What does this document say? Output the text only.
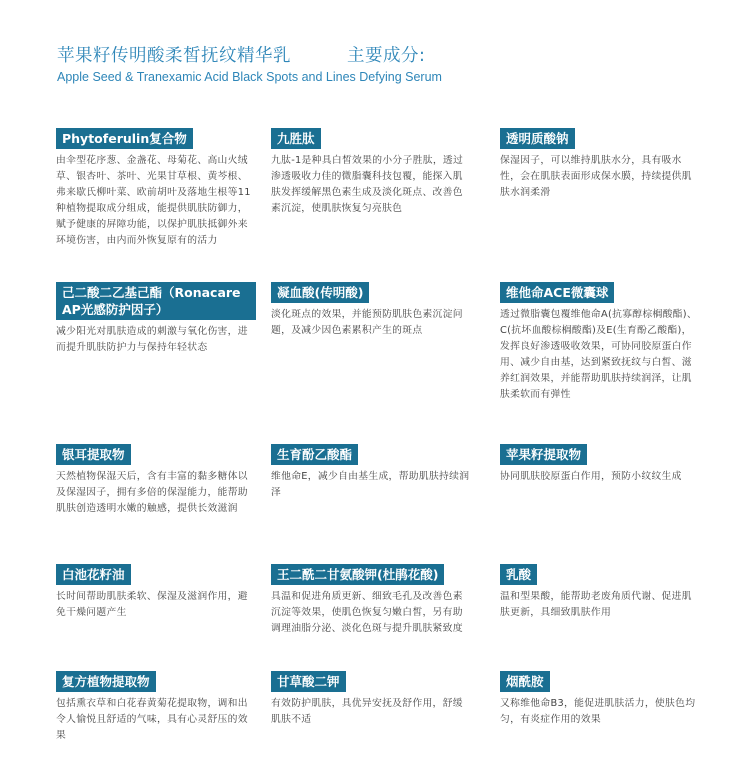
苹果籽传明酸柔皙抚纹精华乳	主要成分:
Apple Seed & Tranexamic Acid Black Spots and Lines Defying Serum
Phytoferulin复合物
由伞型花序葱、金盏花、母菊花、高山火绒草、银杏叶、茶叶、光果甘草根、黄芩根、弗来歇氏柳叶菜、欧前胡叶及落地生根等11种植物提取成分组成，能提供肌肤防御力，赋予健康的屏障功能，以保护肌肤抵御外来环境伤害，由内而外恢复原有的活力
九胜肽
九肽-1是种具白皙效果的小分子胜肽，透过渗透吸收力佳的微脂囊科技包覆，能探入肌肤发挥缓解黑色素生成及淡化斑点、改善色素沉淀，使肌肤恢复匀亮肤色
透明质酸钠
保湿因子，可以维持肌肤水分，具有吸水性，会在肌肤表面形成保水膜，持续提供肌肤水润柔滑
己二酸二乙基己酯（Ronacare AP光感防护因子）
减少阳光对肌肤造成的刺激与氧化伤害，进而提升肌肤防护力与保持年轻状态
凝血酸(传明酸)
淡化斑点的效果，并能预防肌肤色素沉淀问题，及减少因色素累积产生的斑点
维他命ACE微囊球
透过微脂囊包覆维他命A(抗寡醇棕榈酸酯)、C(抗坏血酸棕榈酸酯)及E(生育酚乙酸酯)，发挥良好渗透吸收效果，可协同胶原蛋白作用、减少自由基，达到紧致抚纹与白皙、滋养红润效果，并能帮助肌肤持续润泽，让肌肤柔软而有弹性
银耳提取物
天然植物保湿天后，含有丰富的黏多糖体以及保湿因子，拥有多倍的保湿能力，能帮助肌肤创造透明水嫩的触感，提供长效滋润
生育酚乙酸酯
维他命E，减少自由基生成，帮助肌肤持续润泽
苹果籽提取物
协同肌肤胶原蛋白作用，预防小纹纹生成
白池花籽油
长时间帮助肌肤柔软、保湿及滋润作用，避免干燥问题产生
王二酰二甘氨酸钾(杜鹃花酸)
具温和促进角质更新、细致毛孔及改善色素沉淀等效果，使肌色恢复匀嫩白皙，另有助调理油脂分泌、淡化色斑与提升肌肤紧致度
乳酸
温和型果酸，能帮助老废角质代谢、促进肌肤更新，具细致肌肤作用
复方植物提取物
包括熏衣草和白花春黄菊花提取物，调和出令人愉悦且舒适的气味，具有心灵舒压的效果
甘草酸二钾
有效防护肌肤，具优异安抚及舒作用，舒缓肌肤不适
烟酰胺
又称维他命B3，能促进肌肤活力，使肤色均匀，有炎症作用的效果
